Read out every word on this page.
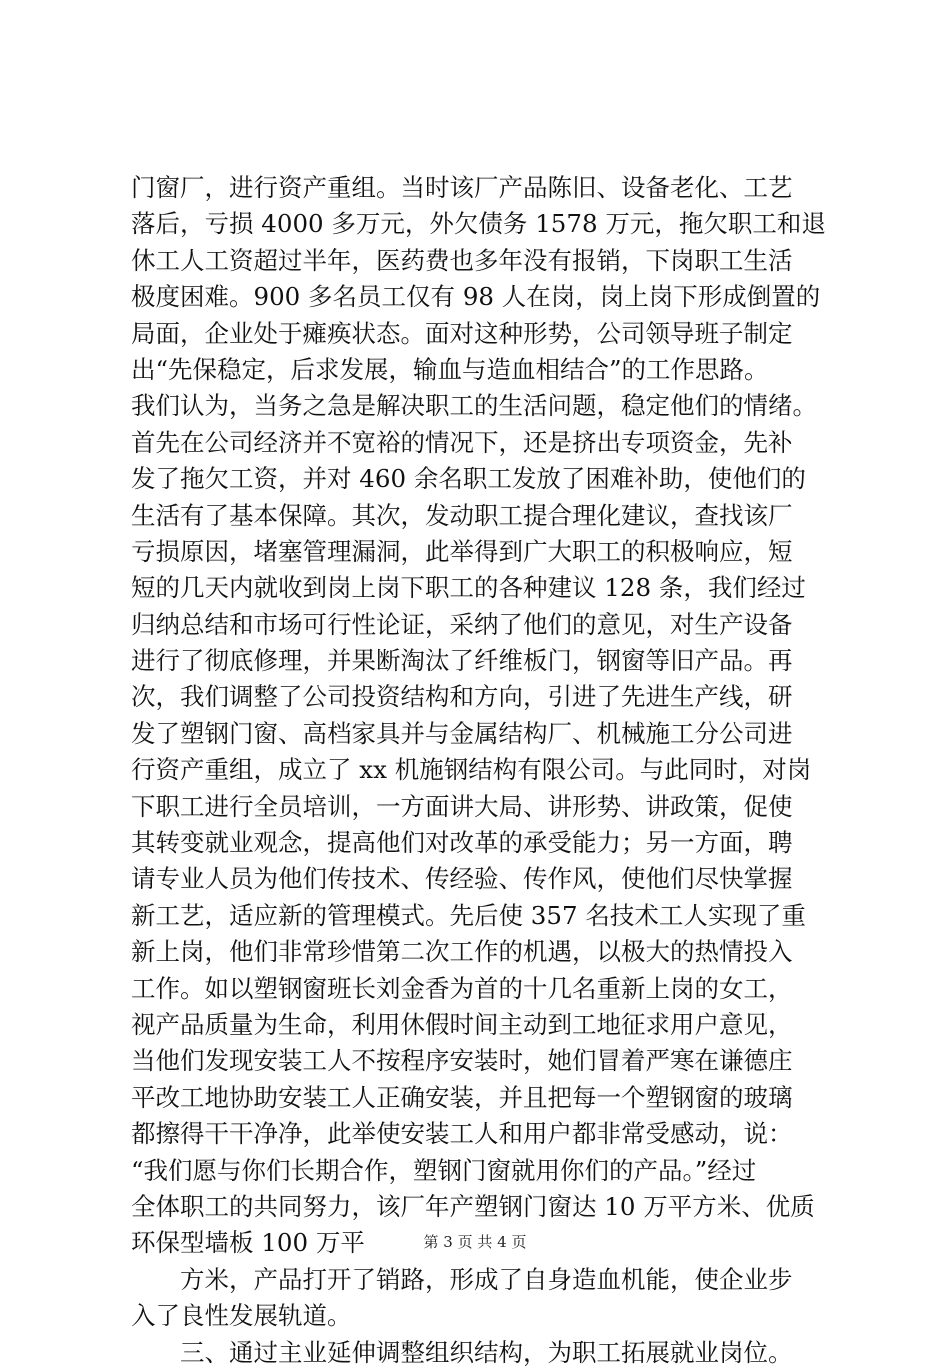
门窗厂，进行资产重组。当时该厂产品陈旧、设备老化、工艺
落后，亏损 4000 多万元，外欠债务 1578 万元，拖欠职工和退
休工人工资超过半年，医药费也多年没有报销，下岗职工生活
极度困难。900 多名员工仅有 98 人在岗，岗上岗下形成倒置的
局面，企业处于瘫痪状态。面对这种形势，公司领导班子制定
出“先保稳定，后求发展，输血与造血相结合”的工作思路。
我们认为，当务之急是解决职工的生活问题，稳定他们的情绪。
首先在公司经济并不宽裕的情况下，还是挤出专项资金，先补
发了拖欠工资，并对 460 余名职工发放了困难补助，使他们的
生活有了基本保障。其次，发动职工提合理化建议，查找该厂
亏损原因，堵塞管理漏洞，此举得到广大职工的积极响应，短
短的几天内就收到岗上岗下职工的各种建议 128 条，我们经过
归纳总结和市场可行性论证，采纳了他们的意见，对生产设备
进行了彻底修理，并果断淘汰了纤维板门，钢窗等旧产品。再
次，我们调整了公司投资结构和方向，引进了先进生产线，研
发了塑钢门窗、高档家具并与金属结构厂、机械施工分公司进
行资产重组，成立了 xx 机施钢结构有限公司。与此同时，对岗
下职工进行全员培训，一方面讲大局、讲形势、讲政策，促使
其转变就业观念，提高他们对改革的承受能力；另一方面，聘
请专业人员为他们传技术、传经验、传作风，使他们尽快掌握
新工艺，适应新的管理模式。先后使 357 名技术工人实现了重
新上岗，他们非常珍惜第二次工作的机遇，以极大的热情投入
工作。如以塑钢窗班长刘金香为首的十几名重新上岗的女工，
视产品质量为生命，利用休假时间主动到工地征求用户意见，
当他们发现安装工人不按程序安装时，她们冒着严寒在谦德庄
平改工地协助安装工人正确安装，并且把每一个塑钢窗的玻璃
都擦得干干净净，此举使安装工人和用户都非常受感动，说：
“我们愿与你们长期合作，塑钢门窗就用你们的产品。”经过
全体职工的共同努力，该厂年产塑钢门窗达 10 万平方米、优质
环保型墙板 100 万平
方米，产品打开了销路，形成了自身造血机能，使企业步
入了良性发展轨道。
三、通过主业延伸调整组织结构，为职工拓展就业岗位。
第 3 页 共 4 页
